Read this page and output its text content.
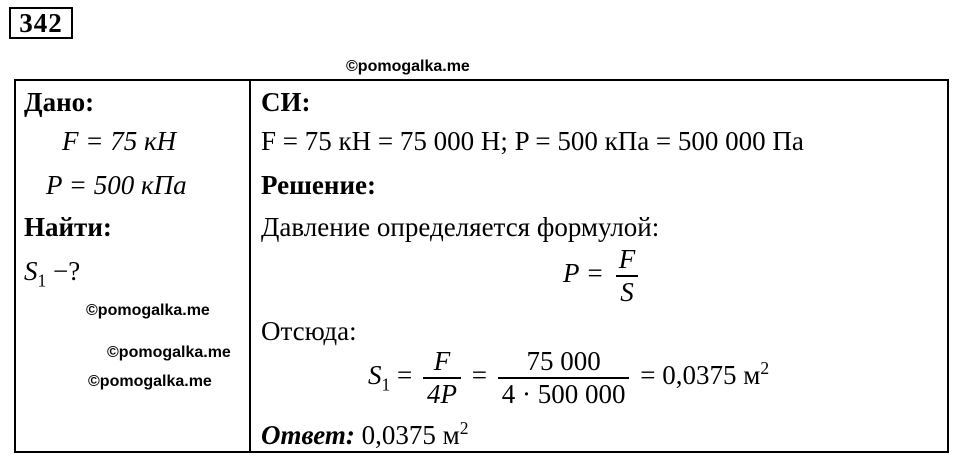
342
©pomogalka.me
Дано:
F = 75 кН
P = 500 кПа
Найти:
$S_1$ −?
©pomogalka.me
©pomogalka.me
©pomogalka.me
СИ:
F = 75 кН = 75 000 Н; P = 500 кПа = 500 000 Па
Решение:
Давление определяется формулой:
$P = \frac{F}{S}$
Отсюда:
$S_1 = \frac{F}{4P} = \frac{75 000}{4 \cdot 500 000} = 0,0375$ $м^2$
Ответ: 0,0375 $м^2$
